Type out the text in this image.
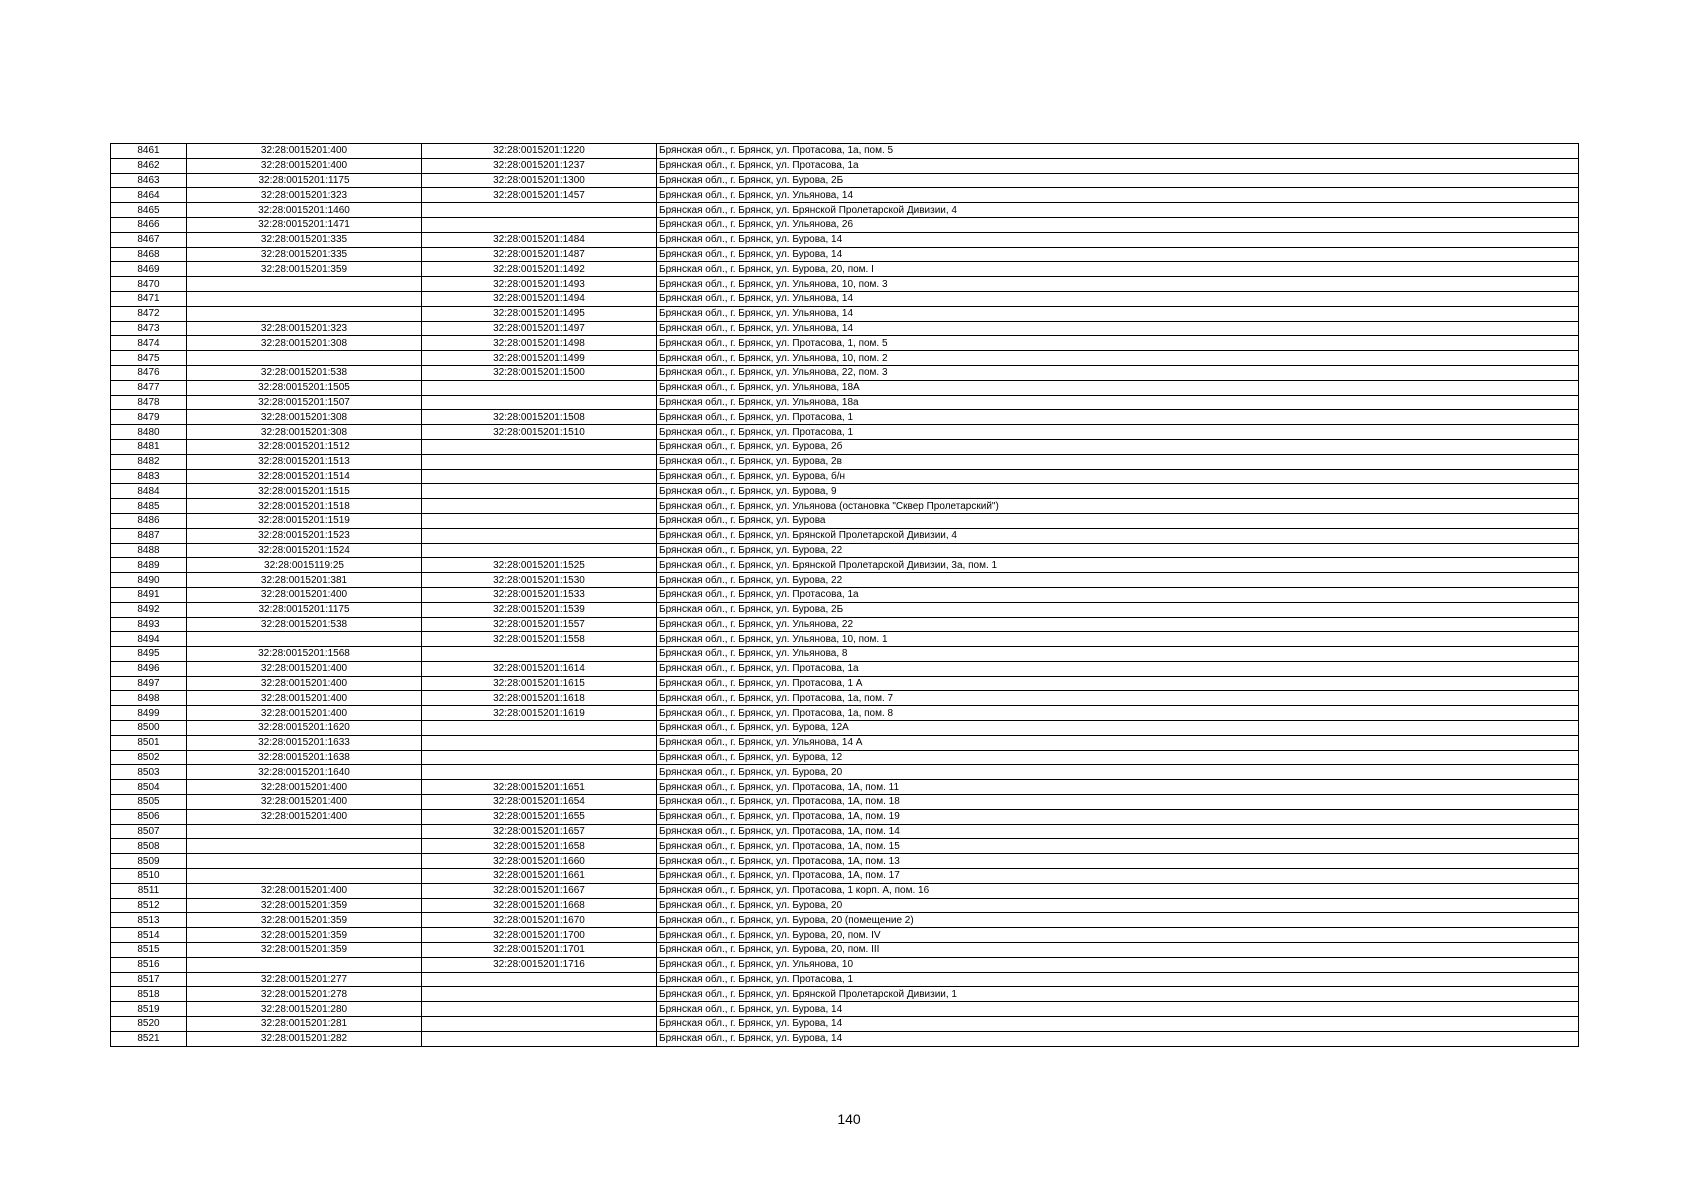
8461	32:28:0015201:400	32:28:0015201:1220	Брянская обл., г. Брянск, ул. Протасова, 1а, пом. 5
8462	32:28:0015201:400	32:28:0015201:1237	Брянская обл., г. Брянск, ул. Протасова, 1а
8463	32:28:0015201:1175	32:28:0015201:1300	Брянская обл., г. Брянск, ул. Бурова, 2Б
8464	32:28:0015201:323	32:28:0015201:1457	Брянская обл., г. Брянск, ул. Ульянова, 14
8465	32:28:0015201:1460		Брянская обл., г. Брянск, ул. Брянской Пролетарской Дивизии, 4
8466	32:28:0015201:1471		Брянская обл., г. Брянск, ул. Ульянова, 26
8467	32:28:0015201:335	32:28:0015201:1484	Брянская обл., г. Брянск, ул. Бурова, 14
8468	32:28:0015201:335	32:28:0015201:1487	Брянская обл., г. Брянск, ул. Бурова, 14
8469	32:28:0015201:359	32:28:0015201:1492	Брянская обл., г. Брянск, ул. Бурова, 20, пом. I
8470		32:28:0015201:1493	Брянская обл., г. Брянск, ул. Ульянова, 10, пом. 3
8471		32:28:0015201:1494	Брянская обл., г. Брянск, ул. Ульянова, 14
8472		32:28:0015201:1495	Брянская обл., г. Брянск, ул. Ульянова, 14
8473	32:28:0015201:323	32:28:0015201:1497	Брянская обл., г. Брянск, ул. Ульянова, 14
8474	32:28:0015201:308	32:28:0015201:1498	Брянская обл., г. Брянск, ул. Протасова, 1, пом. 5
8475		32:28:0015201:1499	Брянская обл., г. Брянск, ул. Ульянова, 10, пом. 2
8476	32:28:0015201:538	32:28:0015201:1500	Брянская обл., г. Брянск, ул. Ульянова, 22, пом. 3
8477	32:28:0015201:1505		Брянская обл., г. Брянск, ул. Ульянова, 18А
8478	32:28:0015201:1507		Брянская обл., г. Брянск, ул. Ульянова, 18а
8479	32:28:0015201:308	32:28:0015201:1508	Брянская обл., г. Брянск, ул. Протасова, 1
8480	32:28:0015201:308	32:28:0015201:1510	Брянская обл., г. Брянск, ул. Протасова, 1
8481	32:28:0015201:1512		Брянская обл., г. Брянск, ул. Бурова, 2б
8482	32:28:0015201:1513		Брянская обл., г. Брянск, ул. Бурова, 2в
8483	32:28:0015201:1514		Брянская обл., г. Брянск, ул. Бурова, б/н
8484	32:28:0015201:1515		Брянская обл., г. Брянск, ул. Бурова, 9
8485	32:28:0015201:1518		Брянская обл., г. Брянск, ул. Ульянова (остановка "Сквер Пролетарский")
8486	32:28:0015201:1519		Брянская обл., г. Брянск, ул. Бурова
8487	32:28:0015201:1523		Брянская обл., г. Брянск, ул. Брянской Пролетарской Дивизии, 4
8488	32:28:0015201:1524		Брянская обл., г. Брянск, ул. Бурова, 22
8489	32:28:0015119:25	32:28:0015201:1525	Брянская обл., г. Брянск, ул. Брянской Пролетарской Дивизии, 3а, пом. 1
8490	32:28:0015201:381	32:28:0015201:1530	Брянская обл., г. Брянск, ул. Бурова, 22
8491	32:28:0015201:400	32:28:0015201:1533	Брянская обл., г. Брянск, ул. Протасова, 1а
8492	32:28:0015201:1175	32:28:0015201:1539	Брянская обл., г. Брянск, ул. Бурова, 2Б
8493	32:28:0015201:538	32:28:0015201:1557	Брянская обл., г. Брянск, ул. Ульянова, 22
8494		32:28:0015201:1558	Брянская обл., г. Брянск, ул. Ульянова, 10, пом. 1
8495	32:28:0015201:1568		Брянская обл., г. Брянск, ул. Ульянова, 8
8496	32:28:0015201:400	32:28:0015201:1614	Брянская обл., г. Брянск, ул. Протасова, 1а
8497	32:28:0015201:400	32:28:0015201:1615	Брянская обл., г. Брянск, ул. Протасова, 1 А
8498	32:28:0015201:400	32:28:0015201:1618	Брянская обл., г. Брянск, ул. Протасова, 1а, пом. 7
8499	32:28:0015201:400	32:28:0015201:1619	Брянская обл., г. Брянск, ул. Протасова, 1а, пом. 8
8500	32:28:0015201:1620		Брянская обл., г. Брянск, ул. Бурова, 12А
8501	32:28:0015201:1633		Брянская обл., г. Брянск, ул. Ульянова, 14 А
8502	32:28:0015201:1638		Брянская обл., г. Брянск, ул. Бурова, 12
8503	32:28:0015201:1640		Брянская обл., г. Брянск, ул. Бурова, 20
8504	32:28:0015201:400	32:28:0015201:1651	Брянская обл., г. Брянск, ул. Протасова, 1А, пом. 11
8505	32:28:0015201:400	32:28:0015201:1654	Брянская обл., г. Брянск, ул. Протасова, 1А, пом. 18
8506	32:28:0015201:400	32:28:0015201:1655	Брянская обл., г. Брянск, ул. Протасова, 1А, пом. 19
8507		32:28:0015201:1657	Брянская обл., г. Брянск, ул. Протасова, 1А, пом. 14
8508		32:28:0015201:1658	Брянская обл., г. Брянск, ул. Протасова, 1А, пом. 15
8509		32:28:0015201:1660	Брянская обл., г. Брянск, ул. Протасова, 1А, пом. 13
8510		32:28:0015201:1661	Брянская обл., г. Брянск, ул. Протасова, 1А, пом. 17
8511	32:28:0015201:400	32:28:0015201:1667	Брянская обл., г. Брянск, ул. Протасова, 1 корп. А, пом. 16
8512	32:28:0015201:359	32:28:0015201:1668	Брянская обл., г. Брянск, ул. Бурова, 20
8513	32:28:0015201:359	32:28:0015201:1670	Брянская обл., г. Брянск, ул. Бурова, 20 (помещение 2)
8514	32:28:0015201:359	32:28:0015201:1700	Брянская обл., г. Брянск, ул. Бурова, 20, пом. IV
8515	32:28:0015201:359	32:28:0015201:1701	Брянская обл., г. Брянск, ул. Бурова, 20, пом. III
8516		32:28:0015201:1716	Брянская обл., г. Брянск, ул. Ульянова, 10
8517	32:28:0015201:277		Брянская обл., г. Брянск, ул. Протасова, 1
8518	32:28:0015201:278		Брянская обл., г. Брянск, ул. Брянской Пролетарской Дивизии, 1
8519	32:28:0015201:280		Брянская обл., г. Брянск, ул. Бурова, 14
8520	32:28:0015201:281		Брянская обл., г. Брянск, ул. Бурова, 14
8521	32:28:0015201:282		Брянская обл., г. Брянск, ул. Бурова, 14
140
